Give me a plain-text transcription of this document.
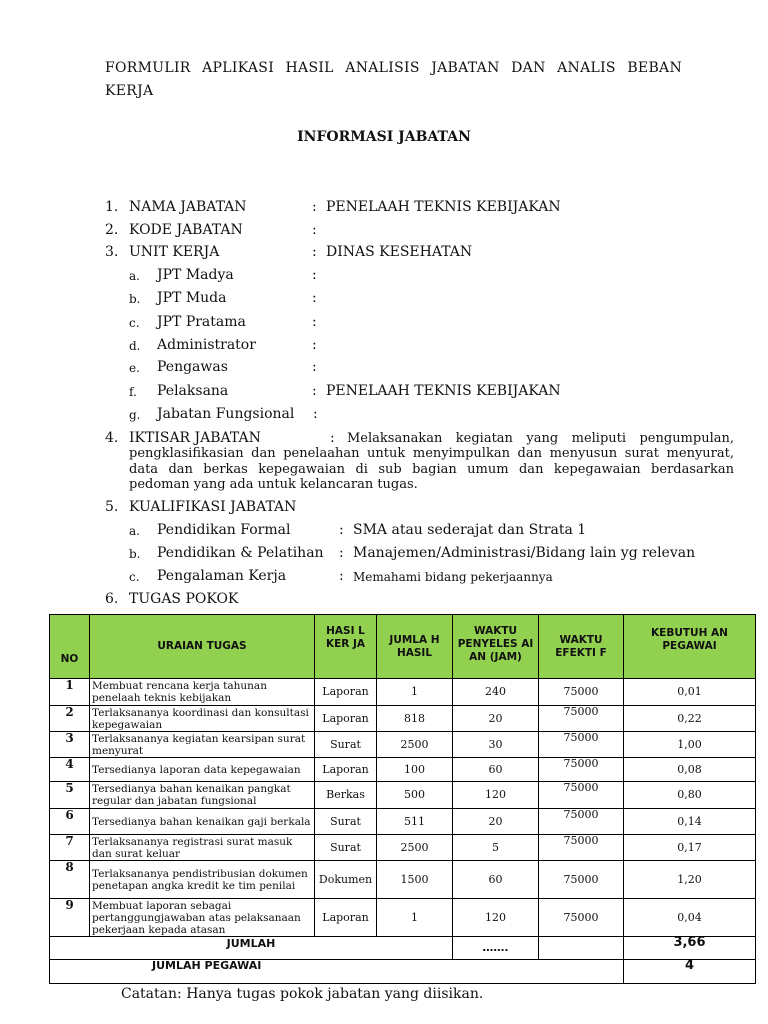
FORMULIR APLIKASI HASIL ANALISIS JABATAN DAN ANALIS BEBAN
KERJA
INFORMASI JABATAN
1. NAMA JABATAN	: PENELAAH TEKNIS KEBIJAKAN
2. KODE JABATAN	:
3. UNIT KERJA	: DINAS KESEHATAN
a. JPT Madya	:
b. JPT Muda	:
c. JPT Pratama	:
d. Administrator	:
e. Pengawas	:
f. Pelaksana	: PENELAAH TEKNIS KEBIJAKAN
g. Jabatan Fungsional :
4. IKTISAR JABATAN	: Melaksanakan kegiatan yang meliputi pengumpulan,
pengklasifikasian dan penelaahan untuk menyimpulkan dan menyusun surat menyurat, data dan berkas kepegawaian di sub bagian umum dan kepegawaian berdasarkan pedoman yang ada untuk kelancaran tugas.
5. KUALIFIKASI JABATAN
a. Pendidikan Formal	: SMA atau sederajat dan Strata 1
b. Pendidikan & Pelatihan : Manajemen/Administrasi/Bidang lain yg relevan
c. Pengalaman Kerja	: Memahami bidang pekerjaannya
6. TUGAS POKOK
NO	URAIAN TUGAS	HASI L KER JA	JUMLA H HASIL	WAKTU PENYELES AI AN (JAM)	WAKTU EFEKTI F	KEBUTUH AN PEGAWAI
1	Membuat rencana kerja tahunan penelaah teknis kebijakan	Laporan	1	240	75000	0,01
2	Terlaksananya koordinasi dan konsultasi kepegawaian	Laporan	818	20	75000	0,22
3	Terlaksananya kegiatan kearsipan surat menyurat	Surat	2500	30	75000	1,00
4	Tersedianya laporan data kepegawaian	Laporan	100	60	75000	0,08
5	Tersedianya bahan kenaikan pangkat regular dan jabatan fungsional	Berkas	500	120	75000	0,80
6	Tersedianya bahan kenaikan gaji berkala	Surat	511	20	75000	0,14
7	Terlaksananya registrasi surat masuk dan surat keluar	Surat	2500	5	75000	0,17
8	Terlaksananya pendistribusian dokumen penetapan angka kredit ke tim penilai	Dokumen	1500	60	75000	1,20
9	Membuat laporan sebagai pertanggungjawaban atas pelaksanaan pekerjaan kepada atasan	Laporan	1	120	75000	0,04
JUMLAH				…….		3,66
JUMLAH PEGAWAI						4
Catatan: Hanya tugas pokok jabatan yang diisikan.
